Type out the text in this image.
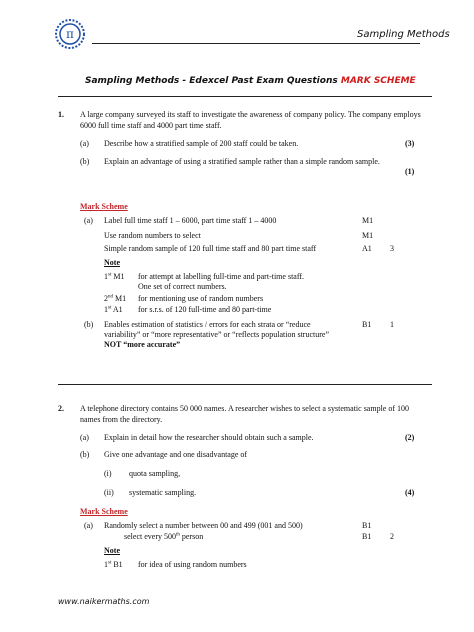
π	Sampling Methods
Sampling Methods - Edexcel Past Exam Questions MARK SCHEME
1. A large company surveyed its staff to investigate the awareness of company policy. The company employs 6000 full time staff and 4000 part time staff.
(a) Describe how a stratified sample of 200 staff could be taken.	(3)
(b) Explain an advantage of using a stratified sample rather than a simple random sample.
(1)
Mark Scheme
(a) Label full time staff 1 – 6000, part time staff 1 – 4000	M1
Use random numbers to select	M1
Simple random sample of 120 full time staff and 80 part time staff	A1 3
Note
1st M1 for attempt at labelling full-time and part-time staff.
One set of correct numbers.
2nd M1 for mentioning use of random numbers
1st A1 for s.r.s. of 120 full-time and 80 part-time
(b) Enables estimation of statistics / errors for each strata or “reduce
variability” or “more representative” or “reflects population structure”
NOT “more accurate”
B1 1
2. A telephone directory contains 50 000 names. A researcher wishes to select a systematic sample of 100 names from the directory.
(a) Explain in detail how the researcher should obtain such a sample.	(2)
(b) Give one advantage and one disadvantage of
(i) quota sampling,
(ii) systematic sampling.	(4)
Mark Scheme
(a) Randomly select a number between 00 and 499 (001 and 500)	B1
select every 500th person	B1 2
Note
1st B1 for idea of using random numbers
www.naikermaths.com
